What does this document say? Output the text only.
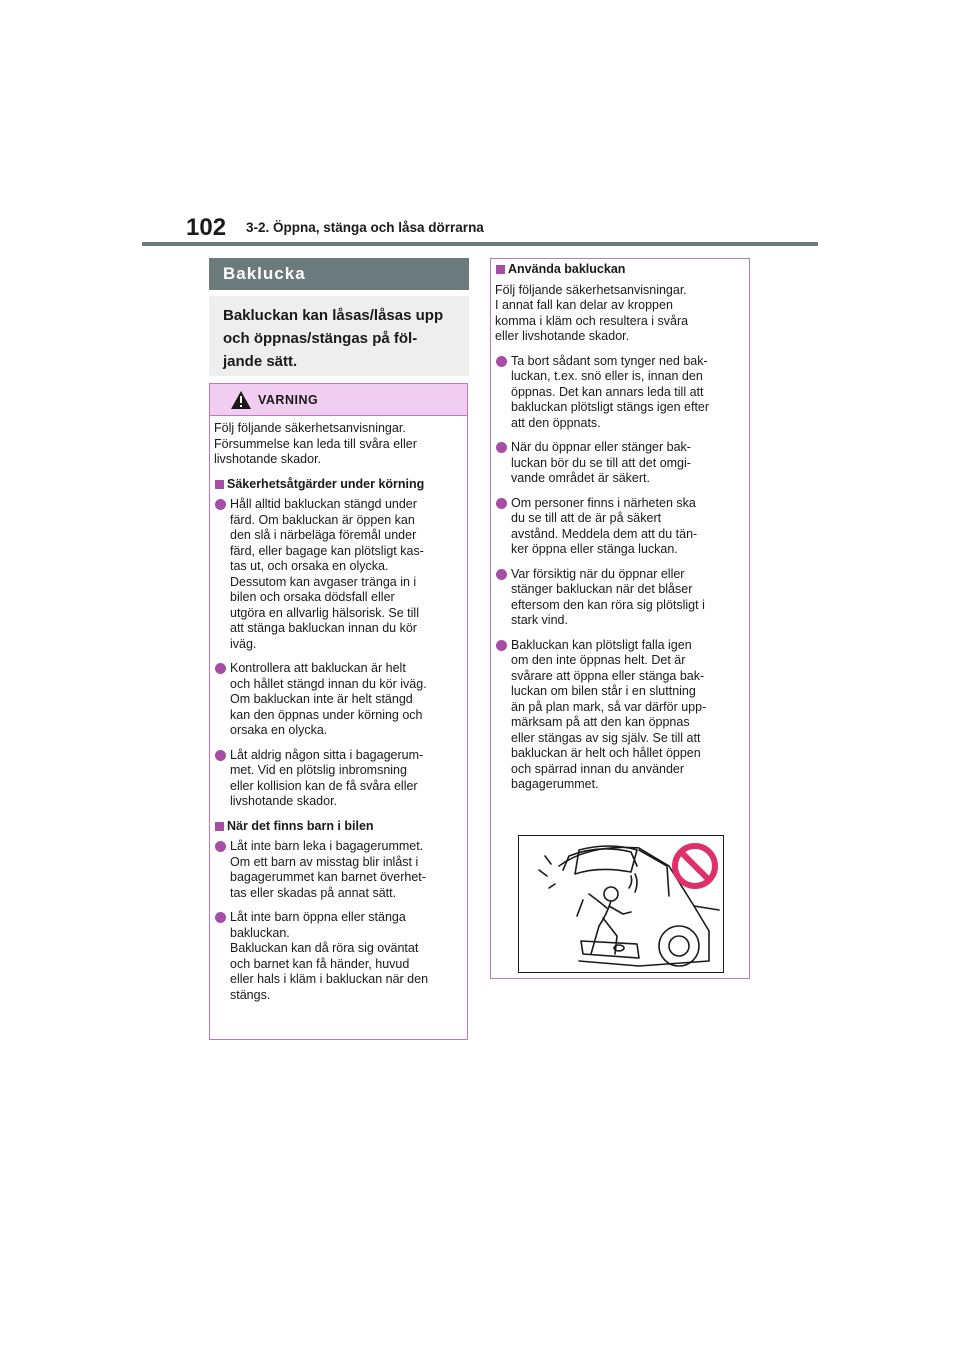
102 3-2. Öppna, stänga och låsa dörrarna
Baklucka
Bakluckan kan låsas/låsas upp
och öppnas/stängas på föl-
jande sätt.
VARNING

Följ följande säkerhetsanvisningar.
Försummelse kan leda till svåra eller
livshotande skador.

Säkerhetsåtgärder under körning
Håll alltid bakluckan stängd under
färd. Om bakluckan är öppen kan
den slå i närbeläga föremål under
färd, eller bagage kan plötsligt kas-
tas ut, och orsaka en olycka.
Dessutom kan avgaser tränga in i
bilen och orsaka dödsfall eller
utgöra en allvarlig hälsorisk. Se till
att stänga bakluckan innan du kör
iväg.
Kontrollera att bakluckan är helt
och hållet stängd innan du kör iväg.
Om bakluckan inte är helt stängd
kan den öppnas under körning och
orsaka en olycka.
Låt aldrig någon sitta i bagagerum-
met. Vid en plötslig inbromsning
eller kollision kan de få svåra eller
livshotande skador.
När det finns barn i bilen
Låt inte barn leka i bagagerummet.
Om ett barn av misstag blir inlåst i
bagagerummet kan barnet överhet-
tas eller skadas på annat sätt.
Låt inte barn öppna eller stänga
bakluckan.
Bakluckan kan då röra sig oväntat
och barnet kan få händer, huvud
eller hals i kläm i bakluckan när den
stängs.
Använda bakluckan

Följ följande säkerhetsanvisningar.
I annat fall kan delar av kroppen
komma i kläm och resultera i svåra
eller livshotande skador.

Ta bort sådant som tynger ned bak-
luckan, t.ex. snö eller is, innan den
öppnas. Det kan annars leda till att
bakluckan plötsligt stängs igen efter
att den öppnats.
När du öppnar eller stänger bak-
luckan bör du se till att det omgi-
vande området är säkert.
Om personer finns i närheten ska
du se till att de är på säkert
avstånd. Meddela dem att du tän-
ker öppna eller stänga luckan.
Var försiktig när du öppnar eller
stänger bakluckan när det blåser
eftersom den kan röra sig plötsligt i
stark vind.
Bakluckan kan plötsligt falla igen
om den inte öppnas helt. Det är
svårare att öppna eller stänga bak-
luckan om bilen står i en sluttning
än på plan mark, så var därför upp-
märksam på att den kan öppnas
eller stängas av sig själv. Se till att
bakluckan är helt och hållet öppen
och spärrad innan du använder
bagagerummet.
